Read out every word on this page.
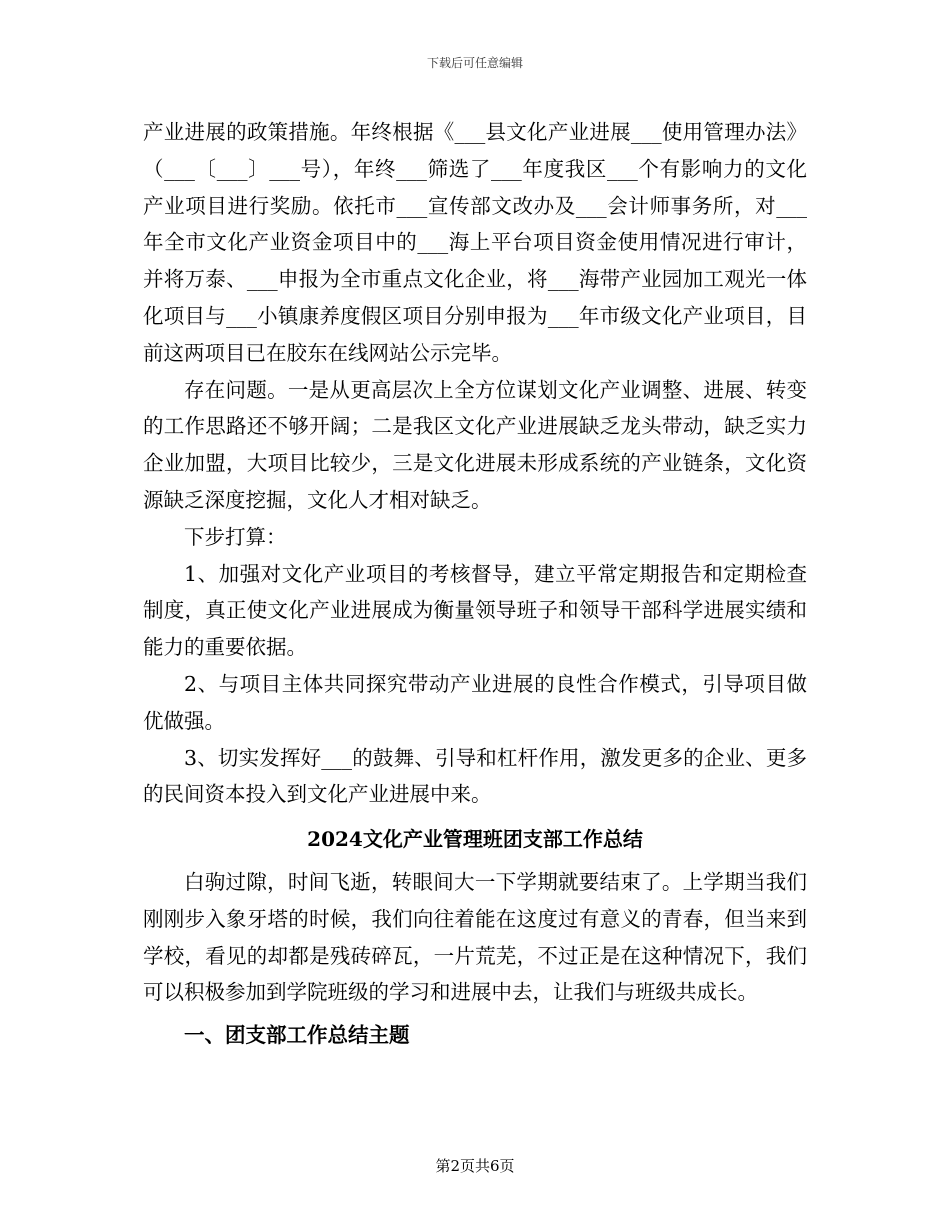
下载后可任意编辑

产业进展的政策措施。年终根据《___县文化产业进展___使用管理办法》（___〔___〕___号），年终___筛选了___年度我区___个有影响力的文化产业项目进行奖励。依托市___宣传部文改办及___会计师事务所，对___年全市文化产业资金项目中的___海上平台项目资金使用情况进行审计，并将万泰、___申报为全市重点文化企业，将___海带产业园加工观光一体化项目与___小镇康养度假区项目分别申报为___年市级文化产业项目，目前这两项目已在胶东在线网站公示完毕。

存在问题。一是从更高层次上全方位谋划文化产业调整、进展、转变的工作思路还不够开阔；二是我区文化产业进展缺乏龙头带动，缺乏实力企业加盟，大项目比较少，三是文化进展未形成系统的产业链条，文化资源缺乏深度挖掘，文化人才相对缺乏。

下步打算：

1、加强对文化产业项目的考核督导，建立平常定期报告和定期检查制度，真正使文化产业进展成为衡量领导班子和领导干部科学进展实绩和能力的重要依据。

2、与项目主体共同探究带动产业进展的良性合作模式，引导项目做优做强。

3、切实发挥好___的鼓舞、引导和杠杆作用，激发更多的企业、更多的民间资本投入到文化产业进展中来。

2024文化产业管理班团支部工作总结

白驹过隙，时间飞逝，转眼间大一下学期就要结束了。上学期当我们刚刚步入象牙塔的时候，我们向往着能在这度过有意义的青春，但当来到学校，看见的却都是残砖碎瓦，一片荒芜，不过正是在这种情况下，我们可以积极参加到学院班级的学习和进展中去，让我们与班级共成长。

一、团支部工作总结主题

第2页共6页
